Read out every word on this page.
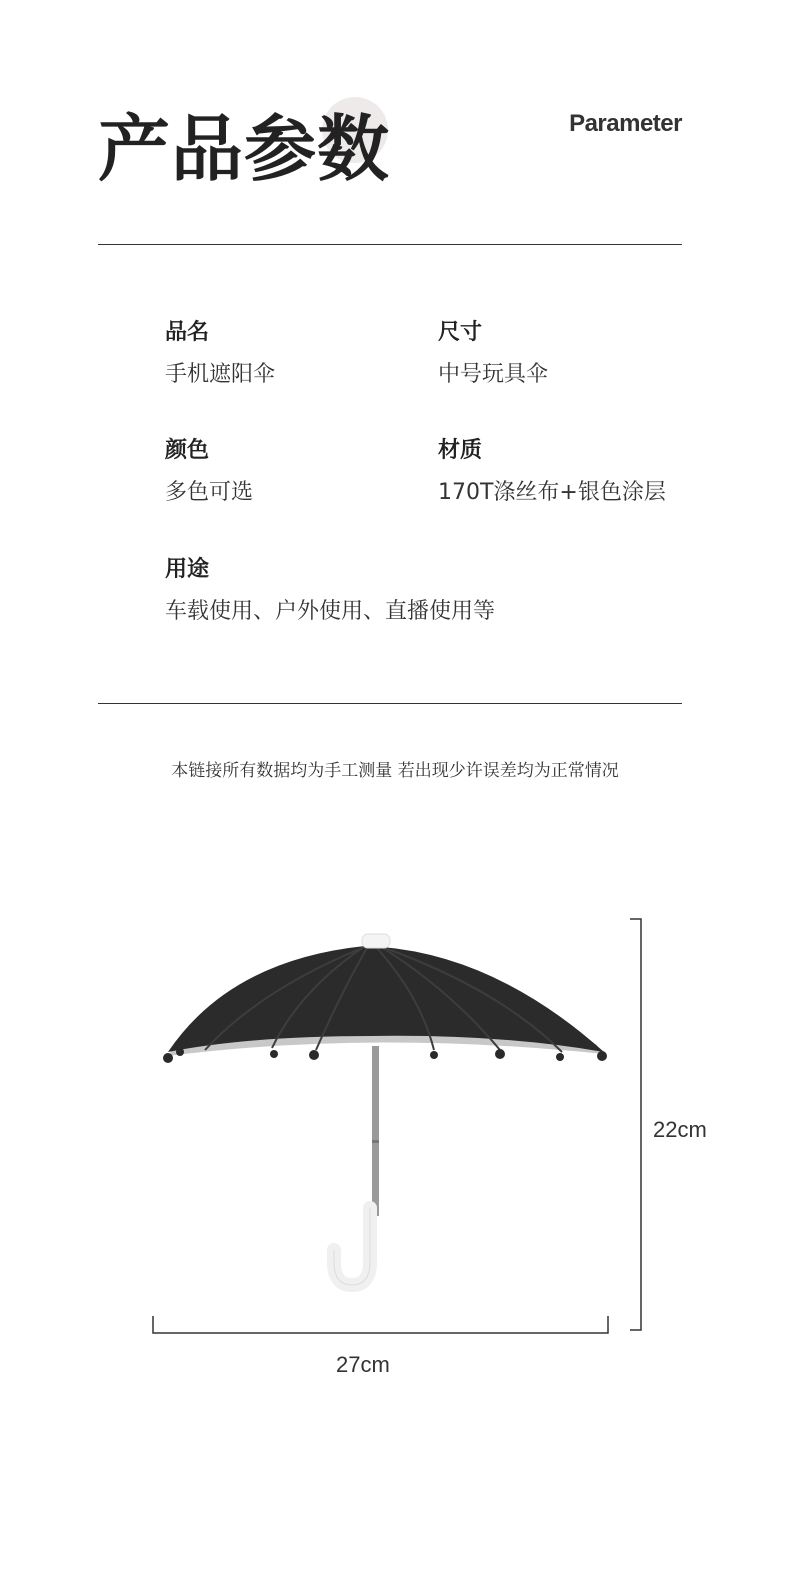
产品参数	Parameter
品名
手机遮阳伞
尺寸
中号玩具伞
颜色
多色可选
材质
170T涤丝布+银色涂层
用途
车载使用、户外使用、直播使用等
本链接所有数据均为手工测量 若出现少许误差均为正常情况
22cm
27cm
